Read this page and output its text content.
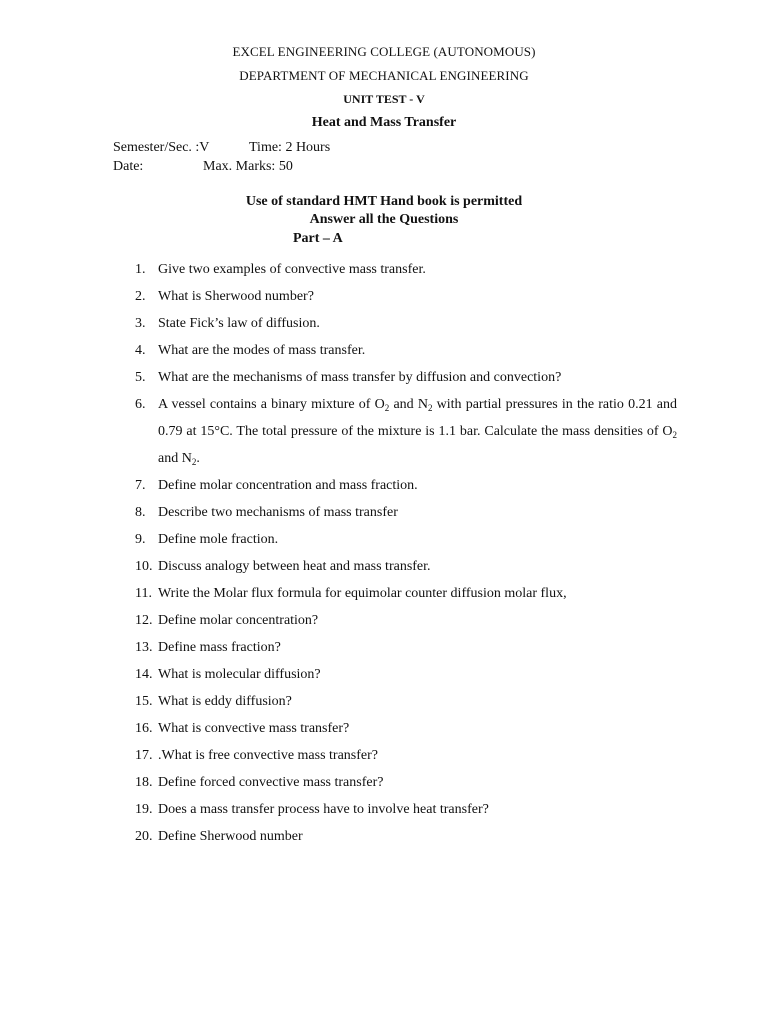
EXCEL ENGINEERING COLLEGE (AUTONOMOUS)
DEPARTMENT OF MECHANICAL ENGINEERING
UNIT TEST - V
Heat and Mass Transfer
Semester/Sec. :V	Time: 2 Hours
Date:	Max. Marks: 50
Use of standard HMT Hand book is permitted
Answer all the Questions
Part – A
1. Give two examples of convective mass transfer.
2. What is Sherwood number?
3. State Fick’s law of diffusion.
4. What are the modes of mass transfer.
5. What are the mechanisms of mass transfer by diffusion and convection?
6. A vessel contains a binary mixture of $O_2$ and $N_2$ with partial pressures in the ratio 0.21 and 0.79 at 15°C. The total pressure of the mixture is 1.1 bar. Calculate the mass densities of $O_2$ and $N_2$.
7. Define molar concentration and mass fraction.
8. Describe two mechanisms of mass transfer
9. Define mole fraction.
10. Discuss analogy between heat and mass transfer.
11. Write the Molar flux formula for equimolar counter diffusion molar flux,
12. Define molar concentration?
13. Define mass fraction?
14. What is molecular diffusion?
15. What is eddy diffusion?
16. What is convective mass transfer?
17. .What is free convective mass transfer?
18. Define forced convective mass transfer?
19. Does a mass transfer process have to involve heat transfer?
20. Define Sherwood number
